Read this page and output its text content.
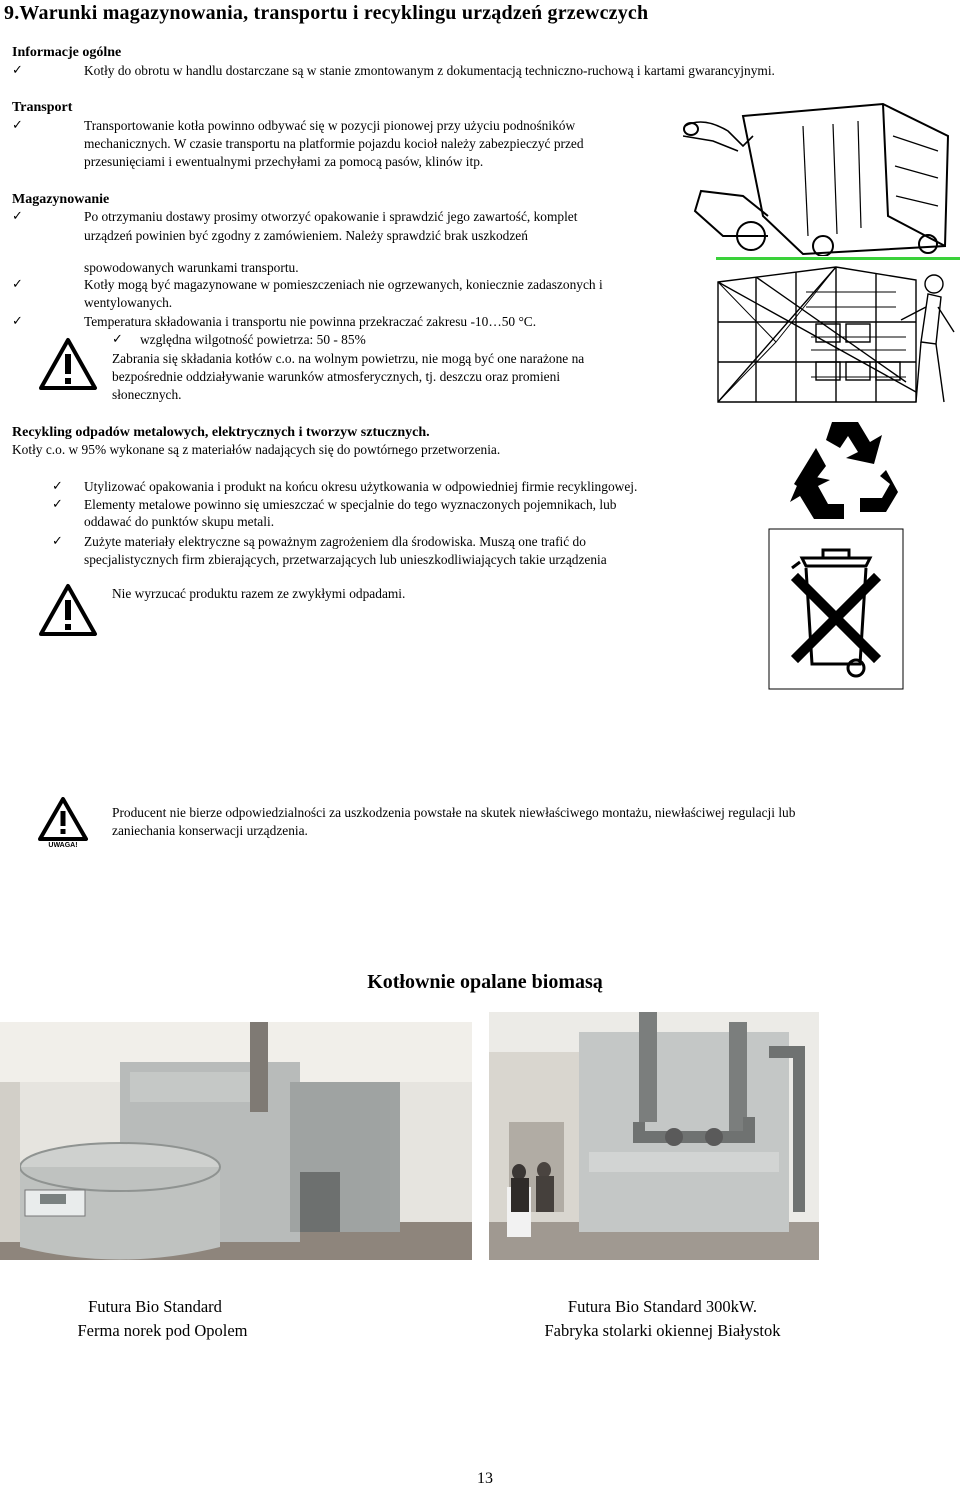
9.Warunki magazynowania, transportu i recyklingu urządzeń grzewczych
Informacje ogólne
✓	Kotły do obrotu w handlu dostarczane są w stanie zmontowanym z dokumentacją techniczno-ruchową i kartami gwarancyjnymi.
Transport
✓	Transportowanie kotła powinno odbywać się w pozycji pionowej przy użyciu podnośników
mechanicznych. W czasie transportu na platformie pojazdu kocioł należy zabezpieczyć przed
przesunięciami i ewentualnymi przechyłami za pomocą pasów, klinów itp.
Magazynowanie
✓	Po otrzymaniu dostawy prosimy otworzyć opakowanie i sprawdzić jego zawartość, komplet
urządzeń powinien być zgodny z zamówieniem. Należy sprawdzić brak uszkodzeń
spowodowanych warunkami transportu.
✓	Kotły mogą być magazynowane w pomieszczeniach nie ogrzewanych, koniecznie zadaszonych i
wentylowanych.
✓	Temperatura składowania i transportu nie powinna przekraczać zakresu -10…50 °C.
✓ względna wilgotność powietrza: 50 - 85%
Zabrania się składania kotłów c.o. na wolnym powietrzu, nie mogą być one narażone na
bezpośrednie oddziaływanie warunków atmosferycznych, tj. deszczu oraz promieni
słonecznych.
Recykling odpadów metalowych, elektrycznych i tworzyw sztucznych.
Kotły c.o. w 95% wykonane są z materiałów nadających się do powtórnego przetworzenia.
✓ Utylizować opakowania i produkt na końcu okresu użytkowania w odpowiedniej firmie recyklingowej.
✓ Elementy metalowe powinno się umieszczać w specjalnie do tego wyznaczonych pojemnikach, lub
oddawać do punktów skupu metali.
✓ Zużyte materiały elektryczne są poważnym zagrożeniem dla środowiska. Muszą one trafić do
specjalistycznych firm zbierających, przetwarzających lub unieszkodliwiających takie urządzenia
Nie wyrzucać produktu razem ze zwykłymi odpadami.
UWAGA!
Producent nie bierze odpowiedzialności za uszkodzenia powstałe na skutek niewłaściwego montażu, niewłaściwej regulacji lub
zaniechania konserwacji urządzenia.
Kotłownie opalane biomasą
Futura Bio Standard
Ferma norek pod Opolem
Futura Bio Standard 300kW.
Fabryka stolarki okiennej Białystok
13
